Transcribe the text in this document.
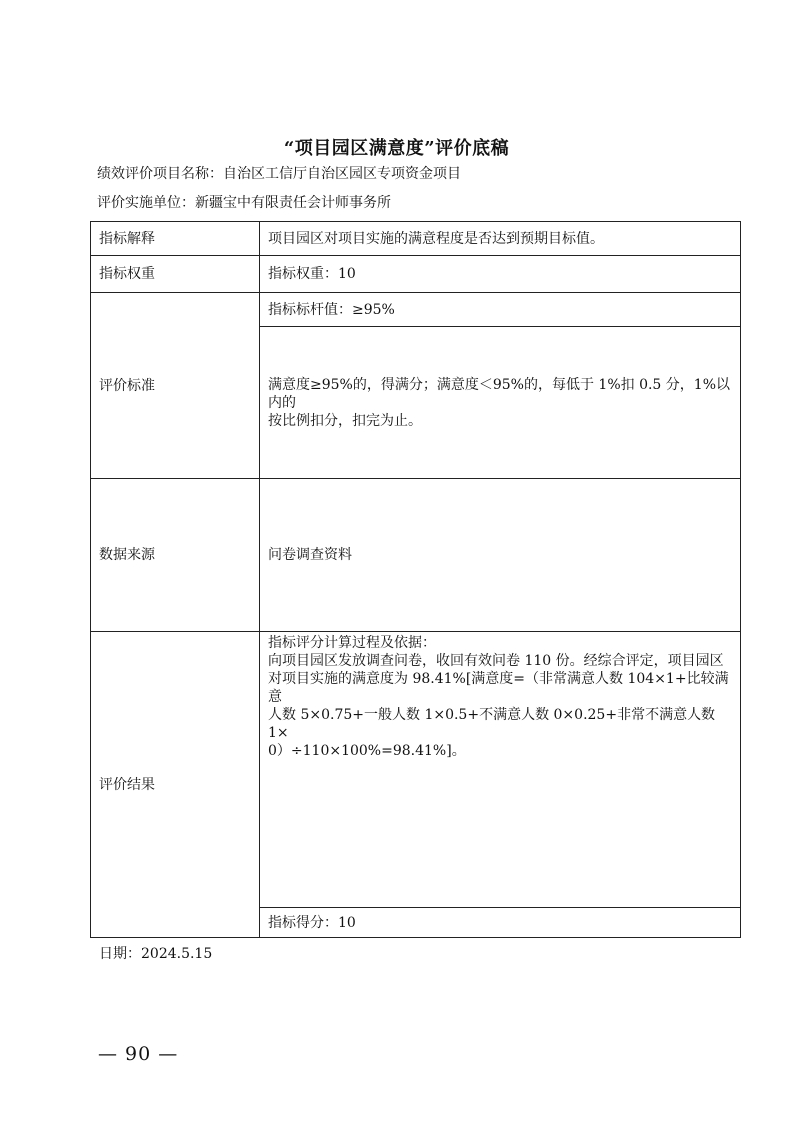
“项目园区满意度”评价底稿
绩效评价项目名称：自治区工信厅自治区园区专项资金项目
评价实施单位：新疆宝中有限责任会计师事务所
指标解释	项目园区对项目实施的满意程度是否达到预期目标值。
指标权重	指标权重：10
评价标准	指标标杆值：≥95%

	满意度≥95%的，得满分；满意度＜95%的，每低于 1%扣 0.5 分，1%以内的
按比例扣分，扣完为止。

数据来源	问卷调查资料
评价结果	指标评分计算过程及依据：
向项目园区发放调查问卷，收回有效问卷 110 份。经综合评定，项目园区
对项目实施的满意度为 98.41%[满意度=（非常满意人数 104×1+比较满意
人数 5×0.75+一般人数 1×0.5+不满意人数 0×0.25+非常不满意人数 1×
0）÷110×100%=98.41%]。

	指标得分：10
日期：2024.5.15
— 90 —
